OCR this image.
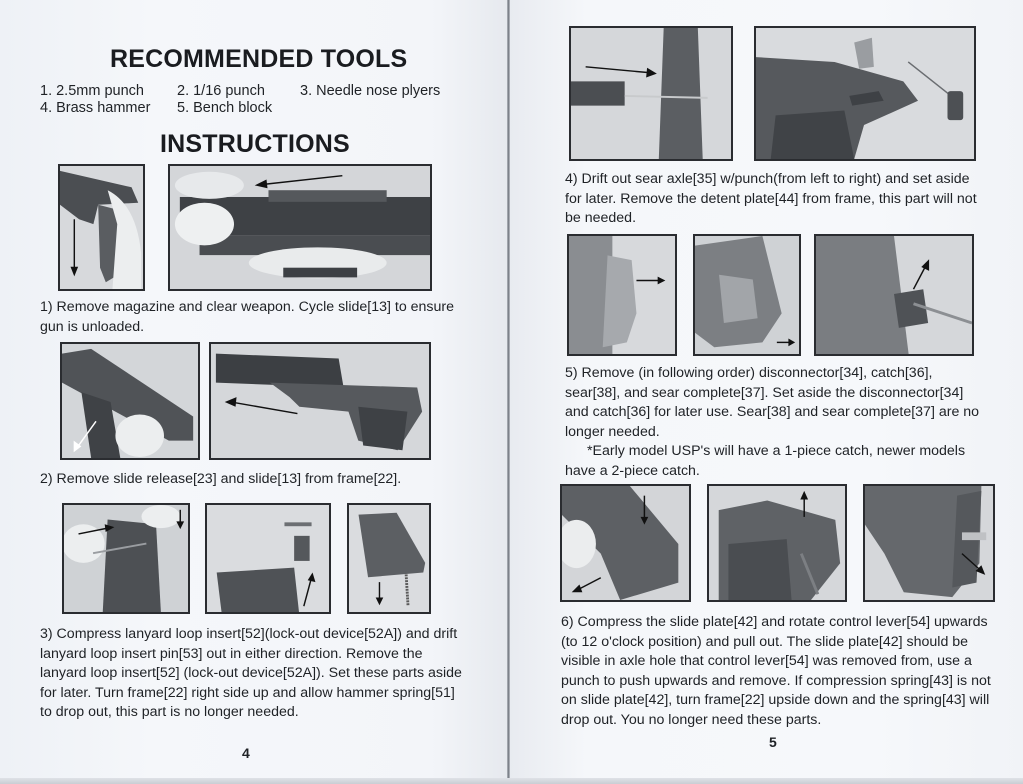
RECOMMENDED TOOLS
1. 2.5mm punch 2. 1/16 punch 3. Needle nose plyers
4. Brass hammer 5. Bench block
INSTRUCTIONS
1) Remove magazine and clear weapon. Cycle slide[13] to ensure gun is unloaded.
2) Remove slide release[23] and slide[13] from frame[22].
3) Compress lanyard loop insert[52](lock-out device[52A]) and drift lanyard loop insert pin[53] out in either direction. Remove the lanyard loop insert[52] (lock-out device[52A]). Set these parts aside for later. Turn frame[22] right side up and allow hammer spring[51] to drop out, this part is no longer needed.
4
4) Drift out sear axle[35] w/punch(from left to right) and set aside for later. Remove the detent plate[44] from frame, this part will not be needed.
5) Remove (in following order) disconnector[34], catch[36], sear[38], and sear complete[37]. Set aside the disconnector[34] and catch[36] for later use. Sear[38] and sear complete[37] are no longer needed.
*Early model USP's will have a 1-piece catch, newer models have a 2-piece catch.
6) Compress the slide plate[42] and rotate control lever[54] upwards (to 12 o'clock position) and pull out. The slide plate[42] should be visible in axle hole that control lever[54] was removed from, use a punch to push upwards and remove. If compression spring[43] is not on slide plate[42], turn frame[22] upside down and the spring[43] will drop out. You no longer need these parts.
5
